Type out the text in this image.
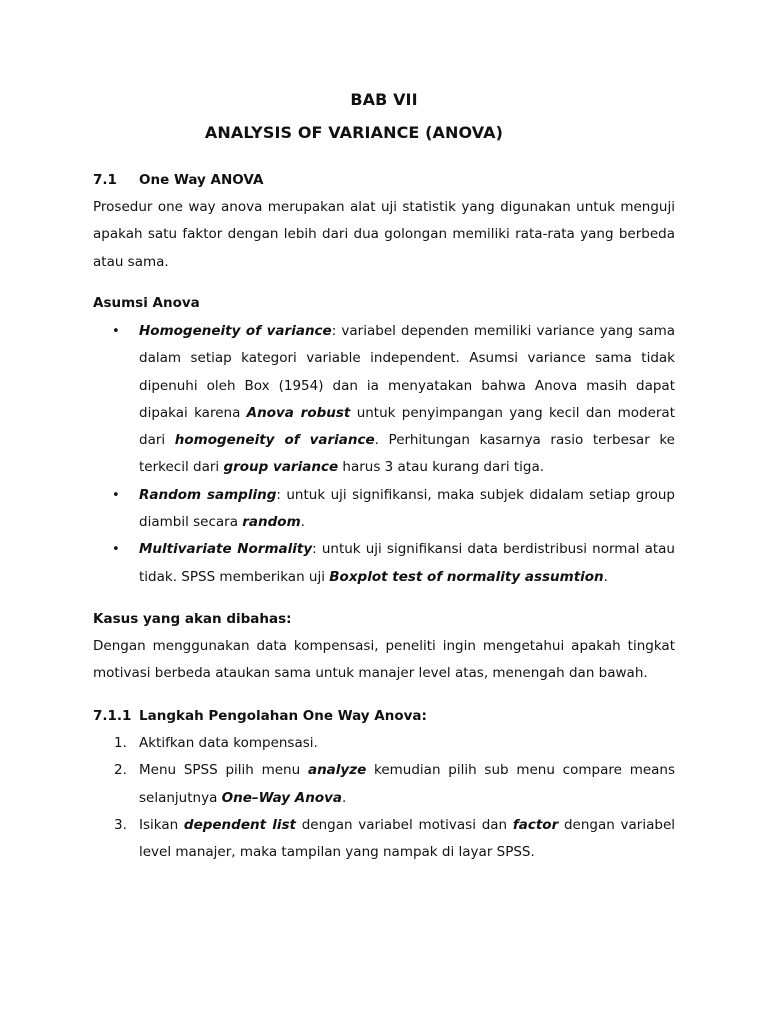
BAB VII
ANALYSIS OF VARIANCE (ANOVA)
7.1 One Way ANOVA
Prosedur one way anova merupakan alat uji statistik yang digunakan untuk menguji apakah satu faktor dengan lebih dari dua golongan memiliki rata-rata yang berbeda atau sama.
Asumsi Anova
• Homogeneity of variance: variabel dependen memiliki variance yang sama dalam setiap kategori variable independent. Asumsi variance sama tidak dipenuhi oleh Box (1954) dan ia menyatakan bahwa Anova masih dapat dipakai karena Anova robust untuk penyimpangan yang kecil dan moderat dari homogeneity of variance. Perhitungan kasarnya rasio terbesar ke terkecil dari group variance harus 3 atau kurang dari tiga.
• Random sampling: untuk uji signifikansi, maka subjek didalam setiap group diambil secara random.
• Multivariate Normality: untuk uji signifikansi data berdistribusi normal atau tidak. SPSS memberikan uji Boxplot test of normality assumtion.
Kasus yang akan dibahas:
Dengan menggunakan data kompensasi, peneliti ingin mengetahui apakah tingkat motivasi berbeda ataukan sama untuk manajer level atas, menengah dan bawah.
7.1.1 Langkah Pengolahan One Way Anova:
1. Aktifkan data kompensasi.
2. Menu SPSS pilih menu analyze kemudian pilih sub menu compare means selanjutnya One–Way Anova.
3. Isikan dependent list dengan variabel motivasi dan factor dengan variabel level manajer, maka tampilan yang nampak di layar SPSS.
